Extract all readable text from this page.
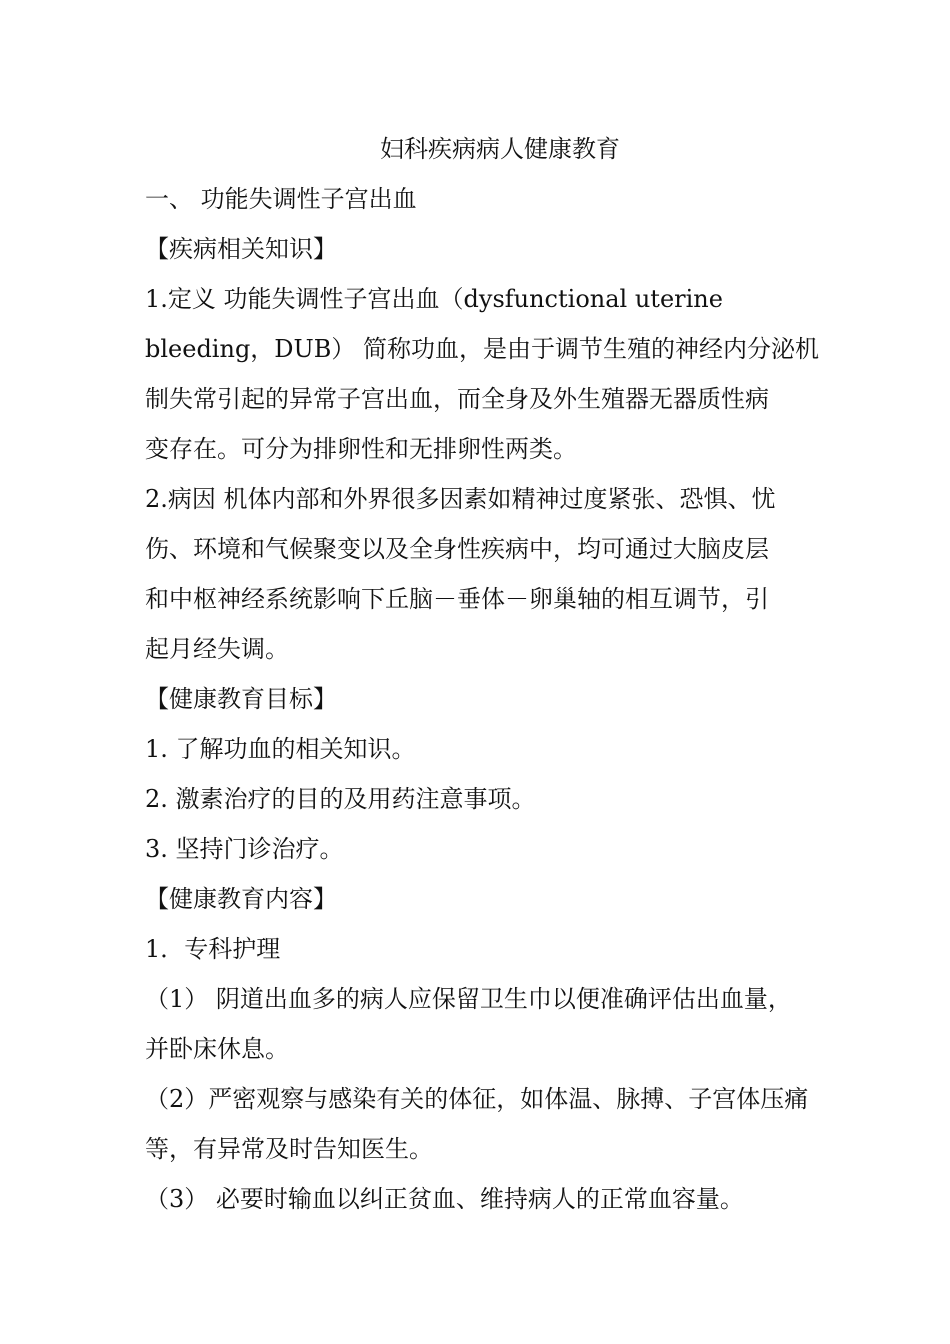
妇科疾病病人健康教育
一、 功能失调性子宫出血
【疾病相关知识】
1.定义 功能失调性子宫出血（dysfunctional uterine
bleeding，DUB） 简称功血，是由于调节生殖的神经内分泌机
制失常引起的异常子宫出血，而全身及外生殖器无器质性病
变存在。可分为排卵性和无排卵性两类。
2.病因 机体内部和外界很多因素如精神过度紧张、恐惧、忧
伤、环境和气候聚变以及全身性疾病中，均可通过大脑皮层
和中枢神经系统影响下丘脑－垂体－卵巢轴的相互调节，引
起月经失调。
【健康教育目标】
1. 了解功血的相关知识。
2. 激素治疗的目的及用药注意事项。
3. 坚持门诊治疗。
【健康教育内容】
1．专科护理
（1） 阴道出血多的病人应保留卫生巾以便准确评估出血量，
并卧床休息。
（2）严密观察与感染有关的体征，如体温、脉搏、子宫体压痛
等，有异常及时告知医生。
（3） 必要时输血以纠正贫血、维持病人的正常血容量。
